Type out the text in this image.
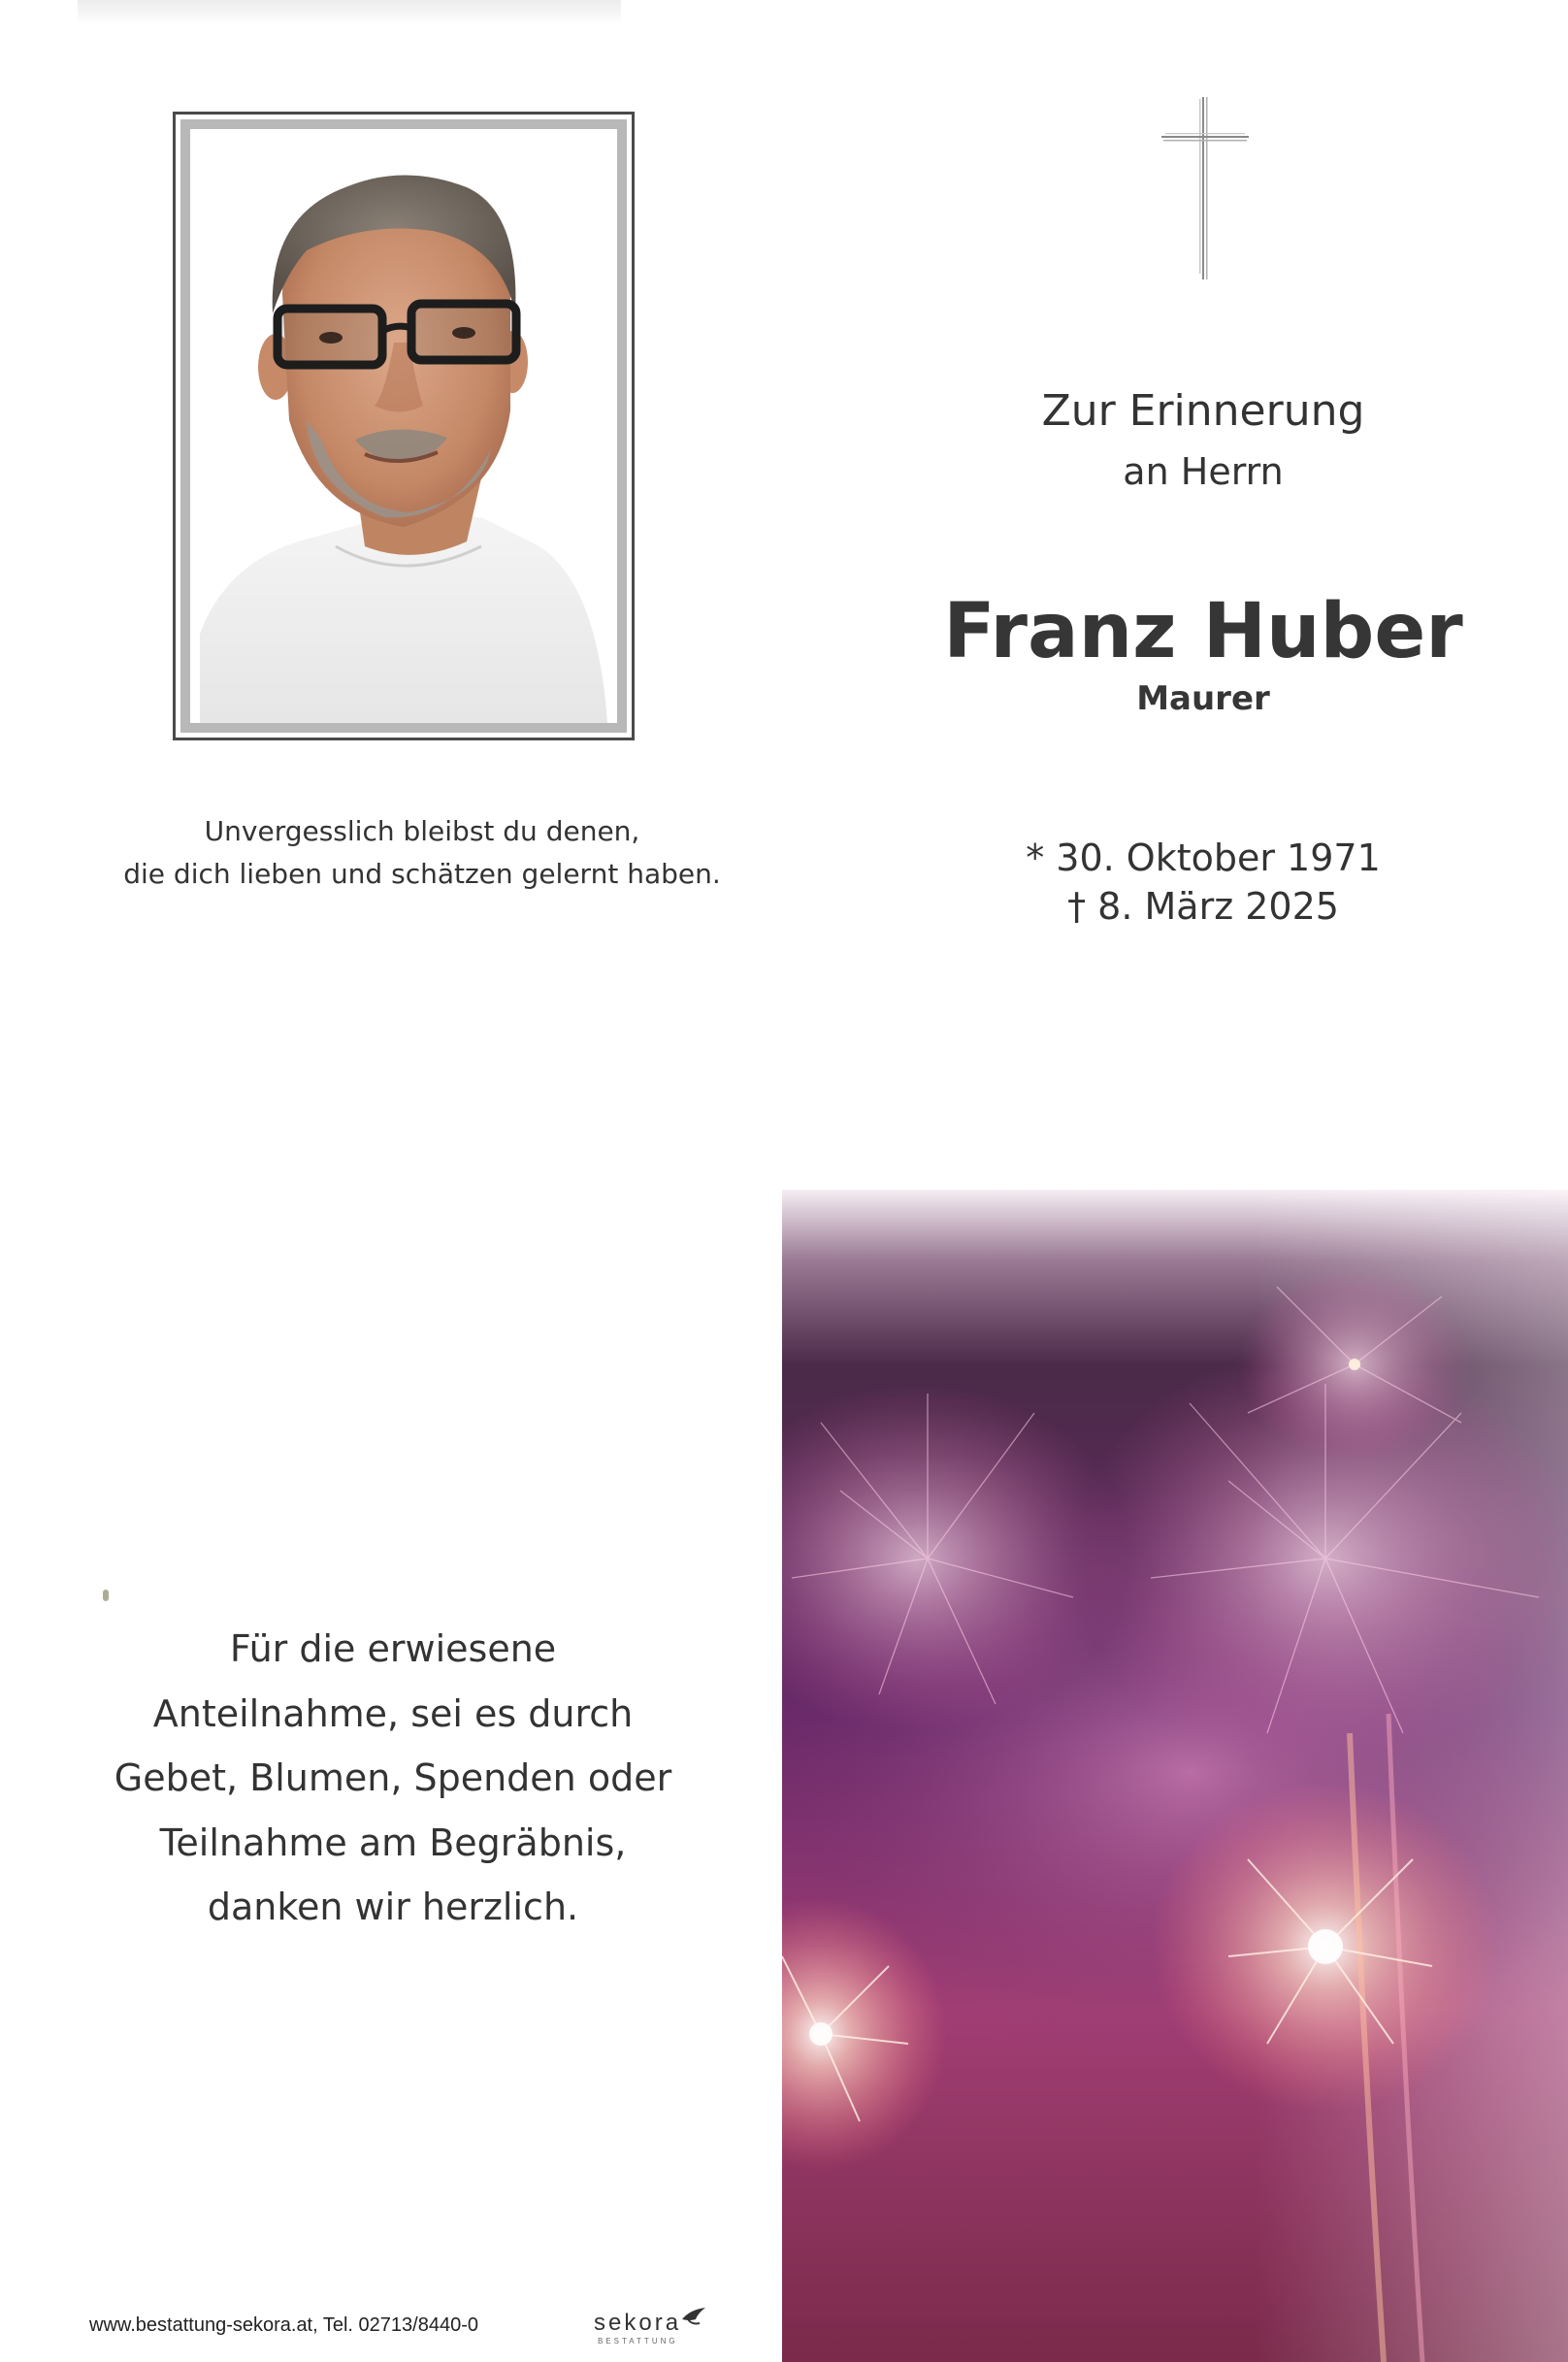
Zur Erinnerung
an Herrn
Franz Huber
Maurer
* 30. Oktober 1971
† 8. März 2025
Unvergesslich bleibst du denen,
die dich lieben und schätzen gelernt haben.
Für die erwiesene
Anteilnahme, sei es durch
Gebet, Blumen, Spenden oder
Teilnahme am Begräbnis,
danken wir herzlich.
www.bestattung-sekora.at, Tel. 02713/8440-0	sekora
BESTATTUNG
